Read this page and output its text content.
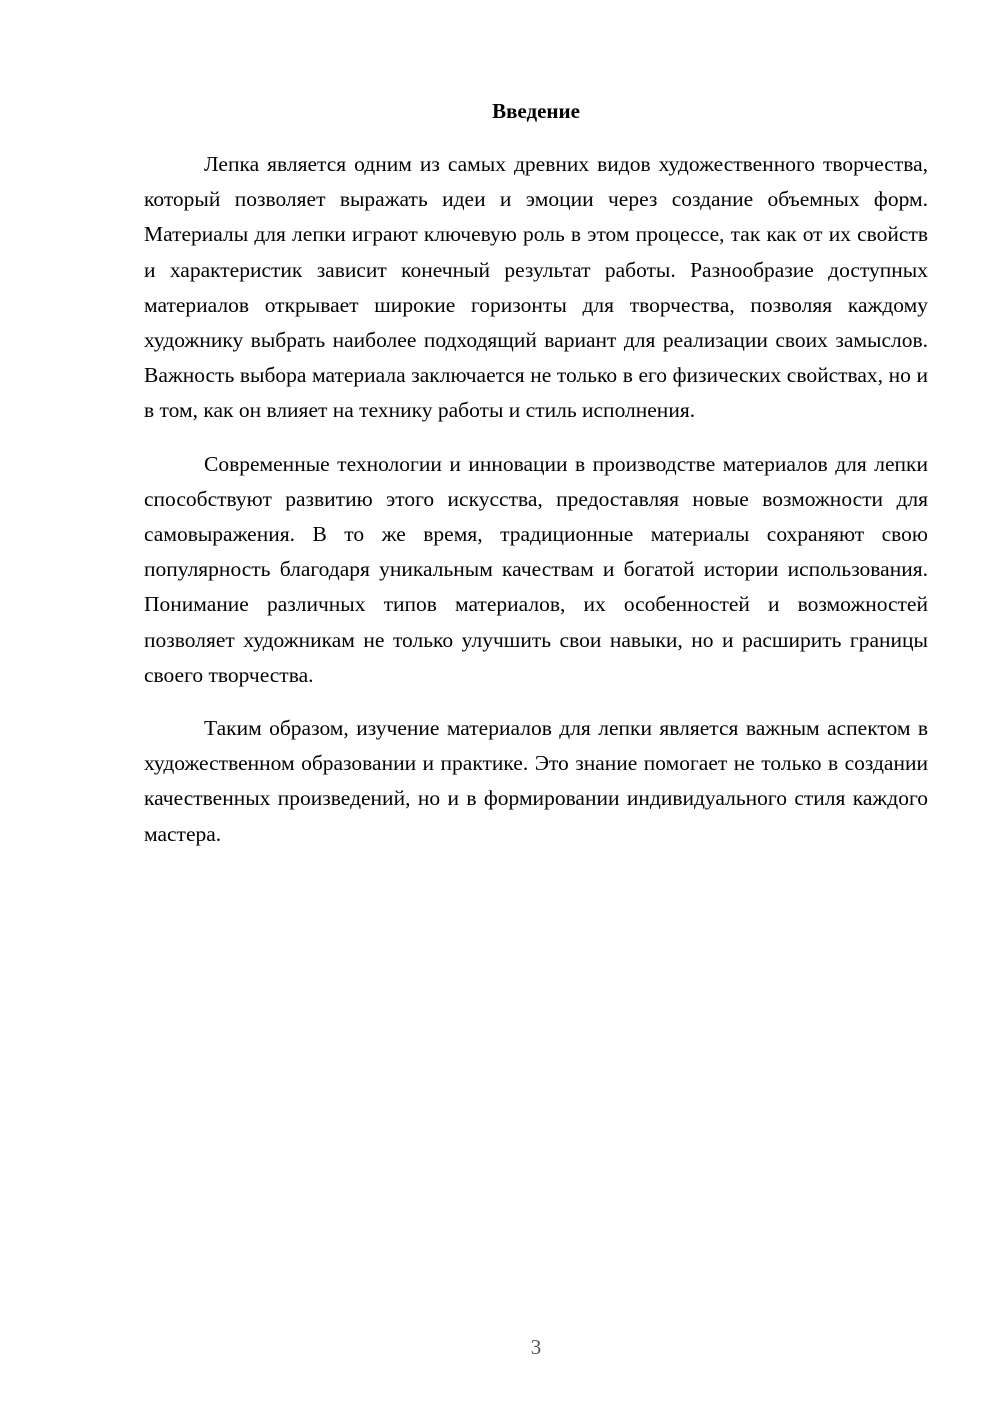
Введение

Лепка является одним из самых древних видов художественного творчества, который позволяет выражать идеи и эмоции через создание объемных форм. Материалы для лепки играют ключевую роль в этом процессе, так как от их свойств и характеристик зависит конечный результат работы. Разнообразие доступных материалов открывает широкие горизонты для творчества, позволяя каждому художнику выбрать наиболее подходящий вариант для реализации своих замыслов. Важность выбора материала заключается не только в его физических свойствах, но и в том, как он влияет на технику работы и стиль исполнения.

Современные технологии и инновации в производстве материалов для лепки способствуют развитию этого искусства, предоставляя новые возможности для самовыражения. В то же время, традиционные материалы сохраняют свою популярность благодаря уникальным качествам и богатой истории использования. Понимание различных типов материалов, их особенностей и возможностей позволяет художникам не только улучшить свои навыки, но и расширить границы своего творчества.

Таким образом, изучение материалов для лепки является важным аспектом в художественном образовании и практике. Это знание помогает не только в создании качественных произведений, но и в формировании индивидуального стиля каждого мастера.

3
